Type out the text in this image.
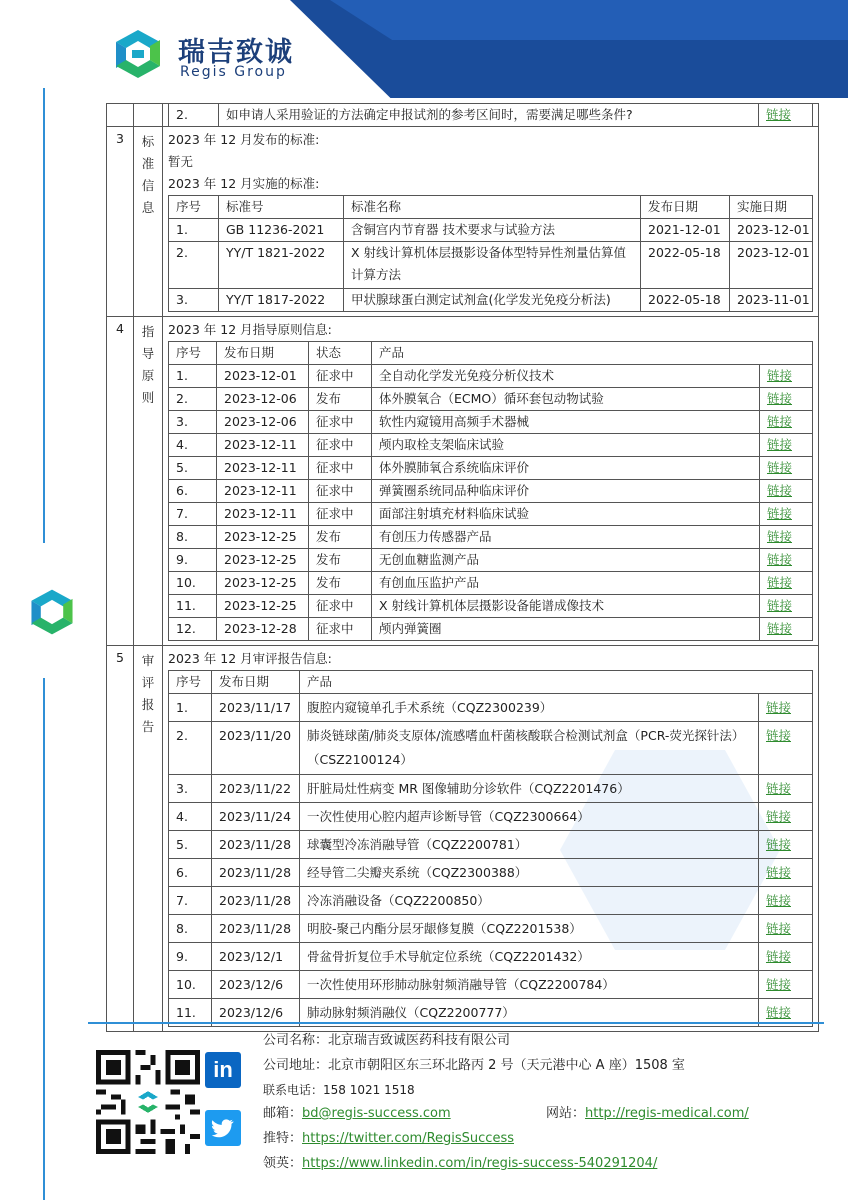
瑞吉致诚
Regis Group

2.	如申请人采用验证的方法确定申报试剂的参考区间时，需要满足哪些条件?	链接

3	标
准
信
息

2023 年 12 月发布的标准:
暂无
2023 年 12 月实施的标准:
序号	标准号	标准名称	发布日期	实施日期
1.	GB 11236-2021	含铜宫内节育器 技术要求与试验方法	2021-12-01	2023-12-01
2.	YY/T 1821-2022	X 射线计算机体层摄影设备体型特异性剂量估算值计算方法	2022-05-18	2023-12-01
3.	YY/T 1817-2022	甲状腺球蛋白测定试剂盒(化学发光免疫分析法)	2022-05-18	2023-11-01

4	指
导
原
则

2023 年 12 月指导原则信息:
序号	发布日期	状态	产品
1.	2023-12-01	征求中	全自动化学发光免疫分析仪技术	链接
2.	2023-12-06	发布	体外膜氧合（ECMO）循环套包动物试验	链接
3.	2023-12-06	征求中	软性内窥镜用高频手术器械	链接
4.	2023-12-11	征求中	颅内取栓支架临床试验	链接
5.	2023-12-11	征求中	体外膜肺氧合系统临床评价	链接
6.	2023-12-11	征求中	弹簧圈系统同品种临床评价	链接
7.	2023-12-11	征求中	面部注射填充材料临床试验	链接
8.	2023-12-25	发布	有创压力传感器产品	链接
9.	2023-12-25	发布	无创血糖监测产品	链接
10.	2023-12-25	发布	有创血压监护产品	链接
11.	2023-12-25	征求中	X 射线计算机体层摄影设备能谱成像技术	链接
12.	2023-12-28	征求中	颅内弹簧圈	链接

5	审
评
报
告

2023 年 12 月审评报告信息:
序号	发布日期	产品
1.	2023/11/17	腹腔内窥镜单孔手术系统（CQZ2300239）	链接
2.	2023/11/20	肺炎链球菌/肺炎支原体/流感嗜血杆菌核酸联合检测试剂盒（PCR-荧光探针法）（CSZ2100124）	链接
3.	2023/11/22	肝脏局灶性病变 MR 图像辅助分诊软件（CQZ2201476）	链接
4.	2023/11/24	一次性使用心腔内超声诊断导管（CQZ2300664）	链接
5.	2023/11/28	球囊型冷冻消融导管（CQZ2200781）	链接
6.	2023/11/28	经导管二尖瓣夹系统（CQZ2300388）	链接
7.	2023/11/28	冷冻消融设备（CQZ2200850）	链接
8.	2023/11/28	明胶-聚己内酯分层牙龈修复膜（CQZ2201538）	链接
9.	2023/12/1	骨盆骨折复位手术导航定位系统（CQZ2201432）	链接
10.	2023/12/6	一次性使用环形肺动脉射频消融导管（CQZ2200784）	链接
11.	2023/12/6	肺动脉射频消融仪（CQZ2200777）	链接
in
公司名称：北京瑞吉致诚医药科技有限公司
公司地址：北京市朝阳区东三环北路丙 2 号（天元港中心 A 座）1508 室
联系电话：158 1021 1518
邮箱：bd@regis-success.com	网站：http://regis-medical.com/
推特：https://twitter.com/RegisSuccess
领英：https://www.linkedin.com/in/regis-success-540291204/
